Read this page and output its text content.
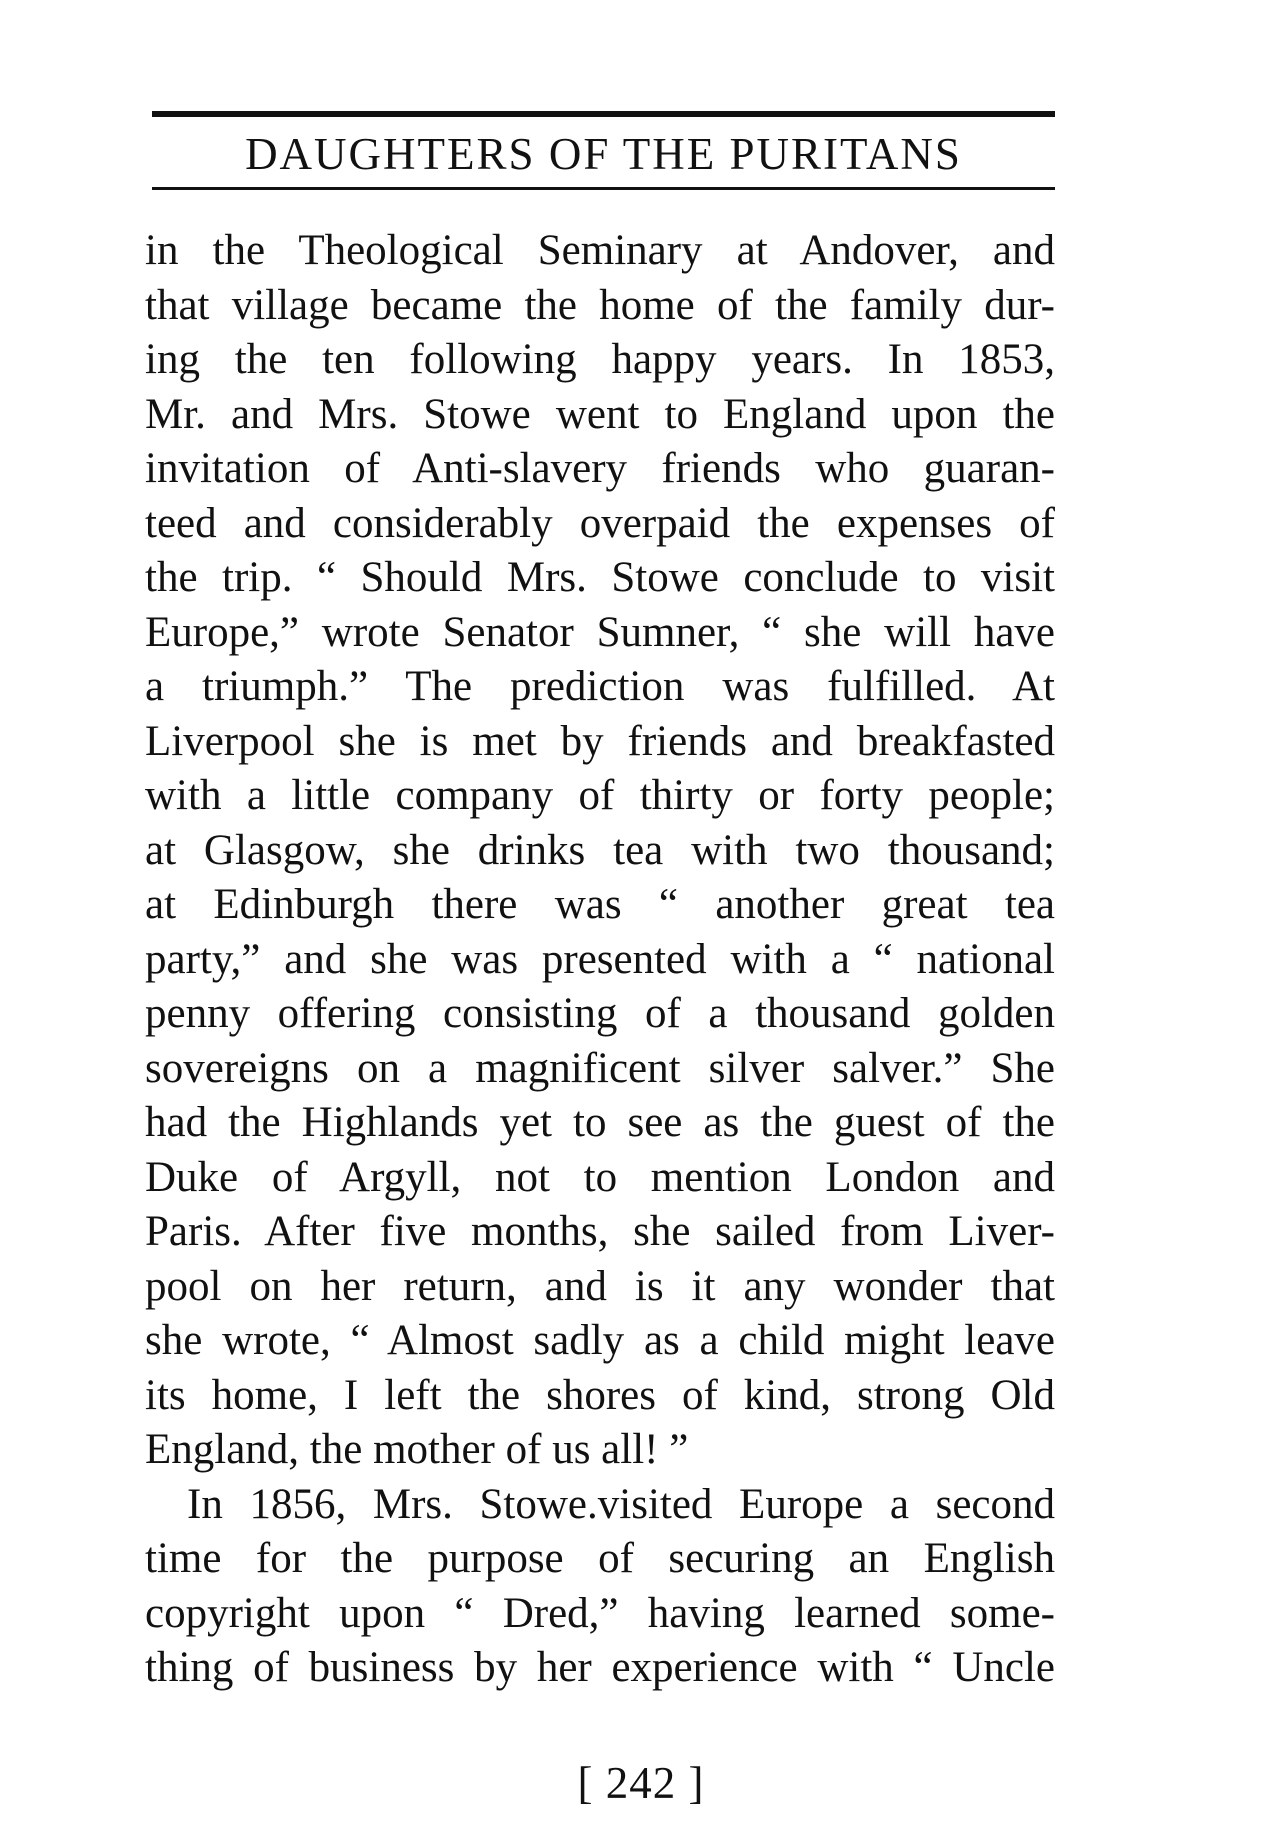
DAUGHTERS OF THE PURITANS
in the Theological Seminary at Andover, and
that village became the home of the family dur-
ing the ten following happy years. In 1853,
Mr. and Mrs. Stowe went to England upon the
invitation of Anti-slavery friends who guaran-
teed and considerably overpaid the expenses of
the trip. “ Should Mrs. Stowe conclude to visit
Europe,” wrote Senator Sumner, “ she will have
a triumph.” The prediction was fulfilled. At
Liverpool she is met by friends and breakfasted
with a little company of thirty or forty people;
at Glasgow, she drinks tea with two thousand;
at Edinburgh there was “ another great tea
party,” and she was presented with a “ national
penny offering consisting of a thousand golden
sovereigns on a magnificent silver salver.” She
had the Highlands yet to see as the guest of the
Duke of Argyll, not to mention London and
Paris. After five months, she sailed from Liver-
pool on her return, and is it any wonder that
she wrote, “ Almost sadly as a child might leave
its home, I left the shores of kind, strong Old
England, the mother of us all! ”
In 1856, Mrs. Stowe.visited Europe a second
time for the purpose of securing an English
copyright upon “ Dred,” having learned some-
thing of business by her experience with “ Uncle
[ 242 ]
